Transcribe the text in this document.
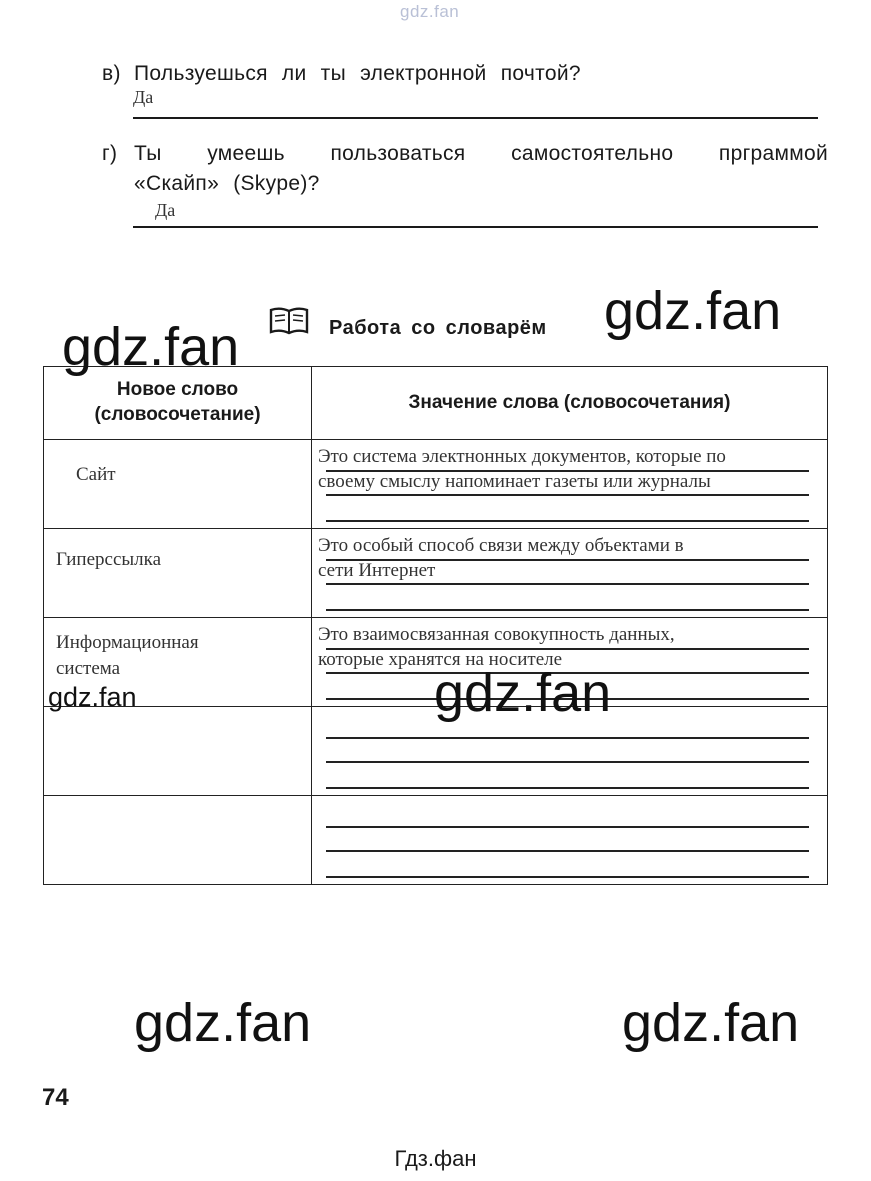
gdz.fan
в) Пользуешься ли ты электронной почтой?
Да
г) Ты умеешь пользоваться самостоятельно прграммой
«Скайп» (Skype)?
Да
Работа со словарём
Новое слово (словосочетание)	Значение слова (словосочетания)

Сайт	Это система электнонных документов, которые по
своему смыслу напоминает газеты или журналы

Гиперссылка	Это особый способ связи между объектами в
сети Интернет

Информационная система	Это взаимосвязанная совокупность данных,
которые хранятся на носителе

gdz.fan
gdz.fan
gdz.fan
gdz.fan
gdz.fan	gdz.fan
74
Гдз.фан
